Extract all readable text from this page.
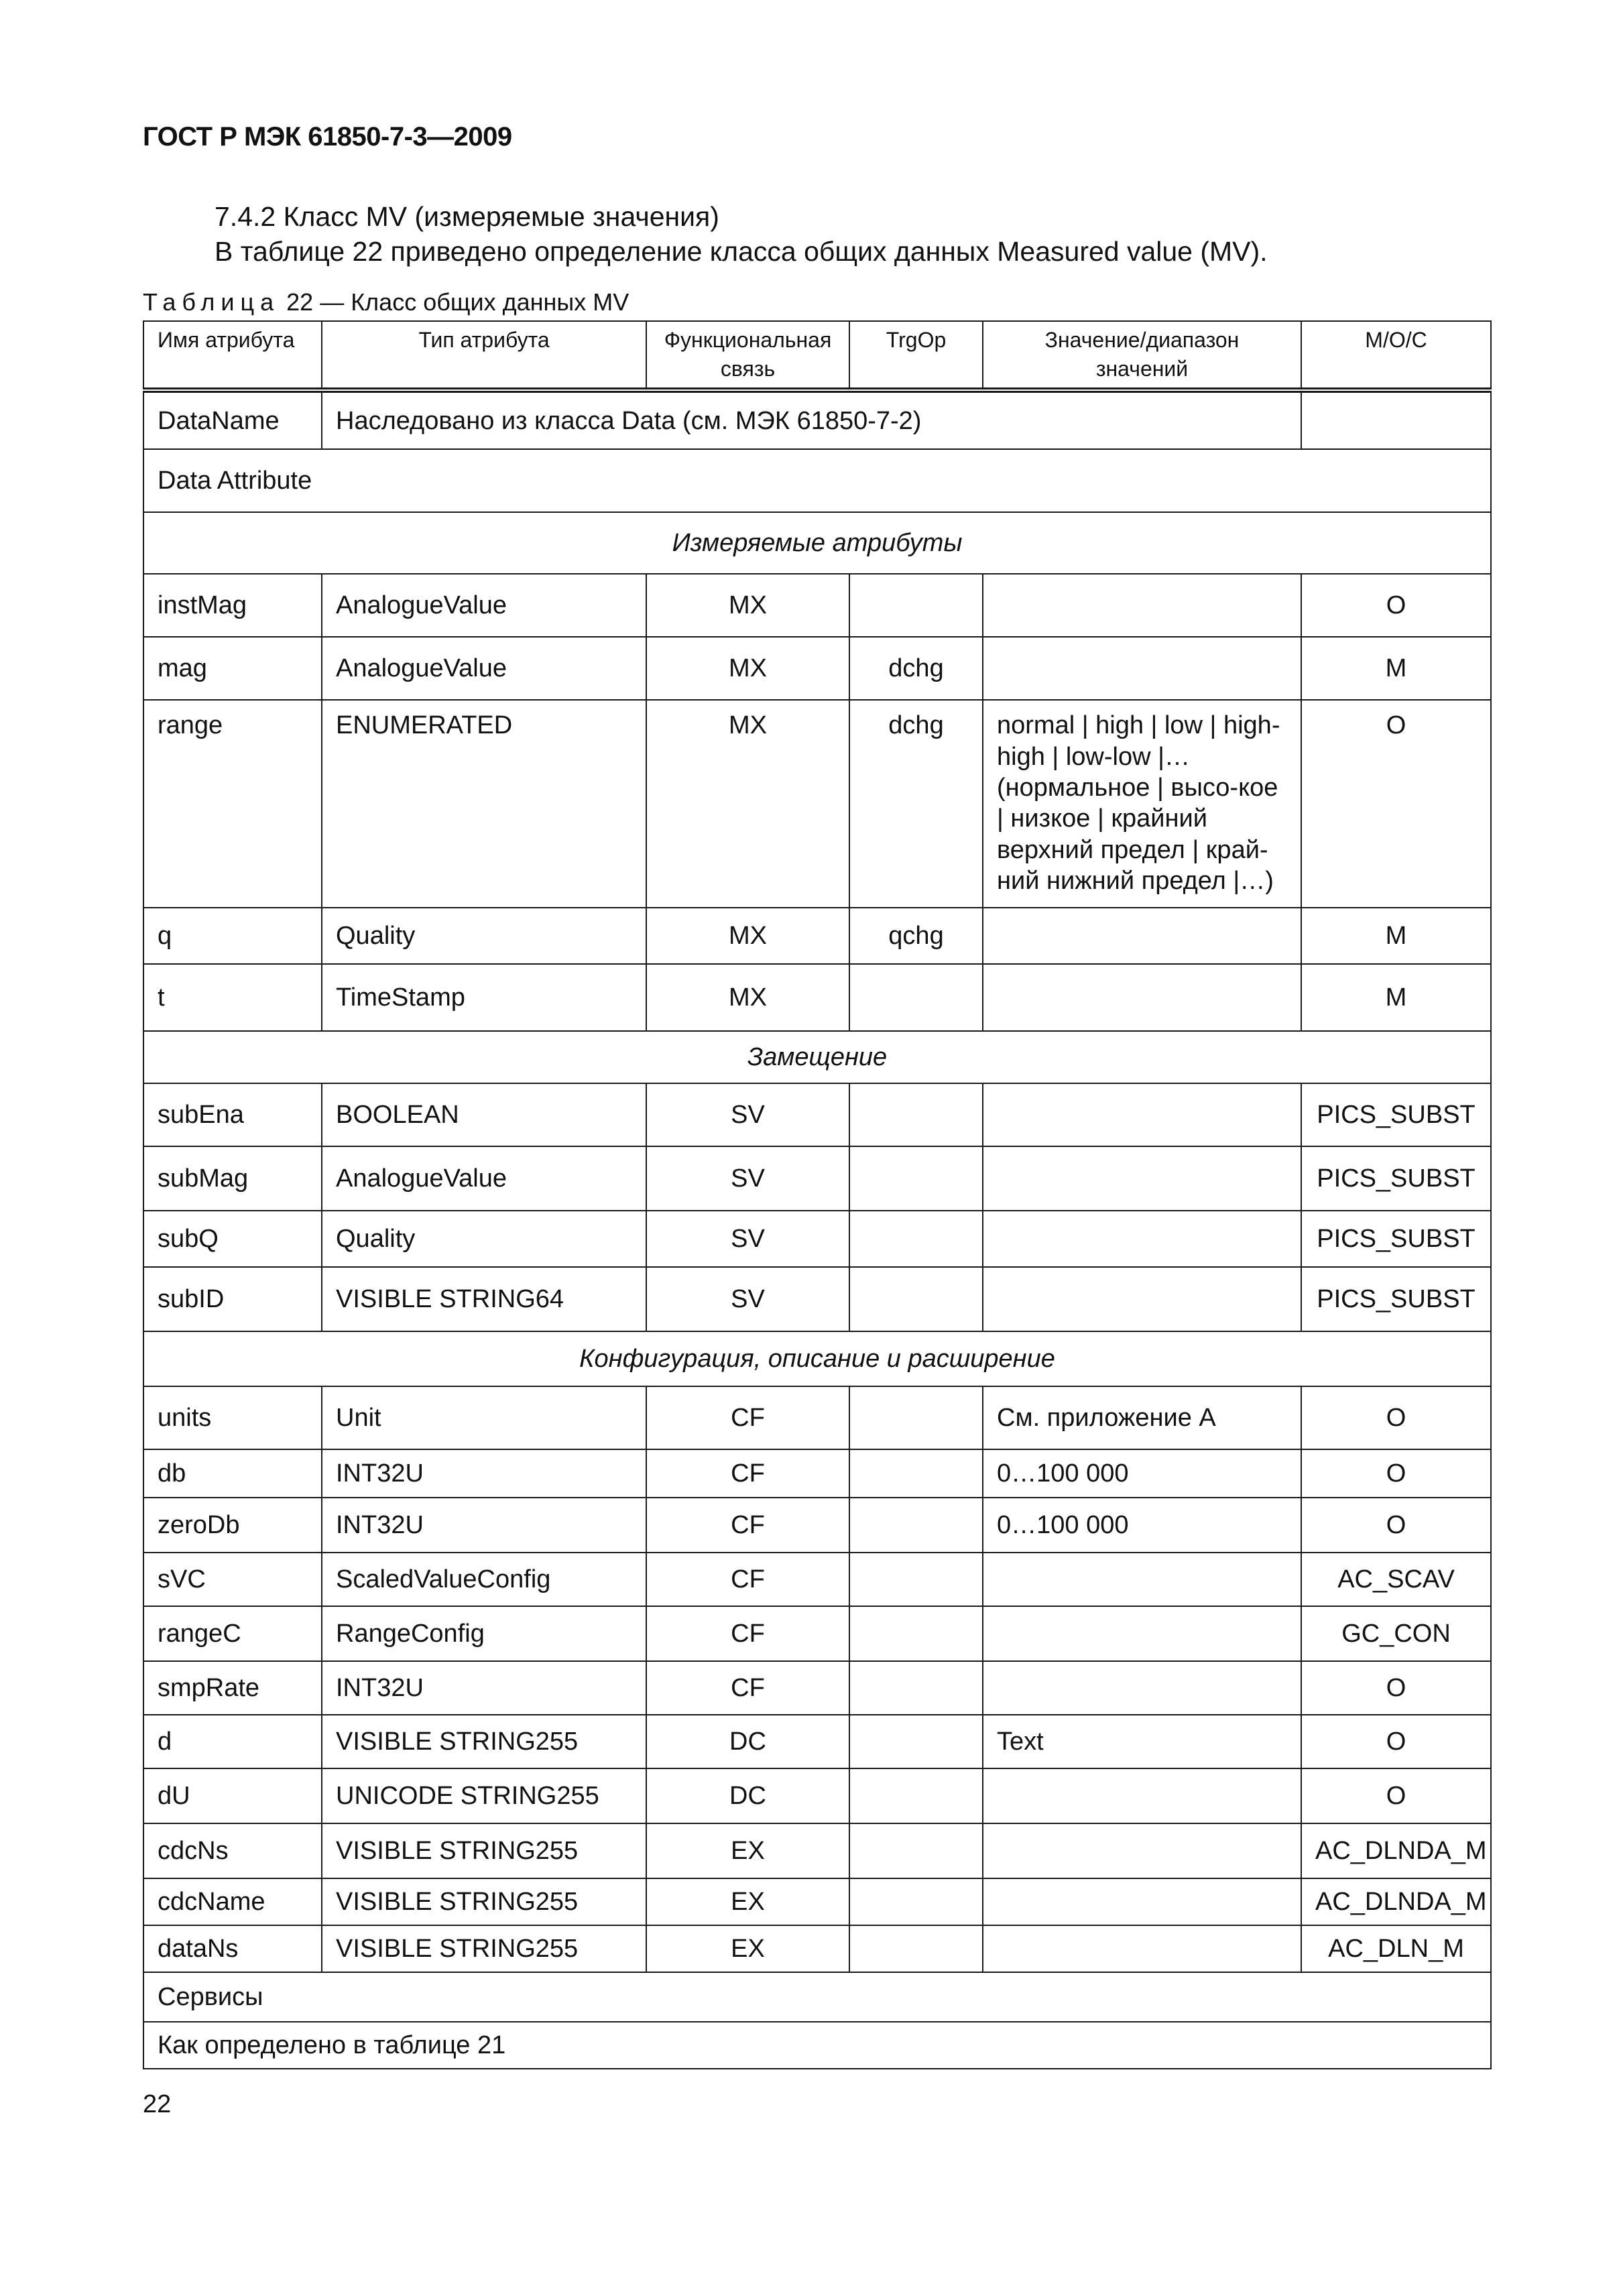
ГОСТ Р МЭК 61850-7-3—2009
7.4.2 Класс MV (измеряемые значения)
В таблице 22 приведено определение класса общих данных Measured value (MV).
Таблица 22 — Класс общих данных MV
Имя атрибута	Тип атрибута	Функциональная связь	TrgOp	Значение/диапазон значений	М/О/С
DataName	Наследовано из класса Data (см. МЭК 61850-7-2)				
Data Attribute					
Измеряемые атрибуты					
instMag	AnalogueValue	MX			O
mag	AnalogueValue	MX	dchg		M
range	ENUMERATED	MX	dchg	normal | high | low | high-high | low-low |… (нормальное | высо-кое | низкое | крайний верхний предел | край-ний нижний предел |…)	O
q	Quality	MX	qchg		M
t	TimeStamp	MX			M
Замещение					
subEna	BOOLEAN	SV			PICS_SUBST
subMag	AnalogueValue	SV			PICS_SUBST
subQ	Quality	SV			PICS_SUBST
subID	VISIBLE STRING64	SV			PICS_SUBST
Конфигурация, описание и расширение					
units	Unit	CF		См. приложение А	O
db	INT32U	CF		0…100 000	O
zeroDb	INT32U	CF		0…100 000	O
sVC	ScaledValueConfig	CF			AC_SCAV
rangeC	RangeConfig	CF			GC_CON
smpRate	INT32U	CF			O
d	VISIBLE STRING255	DC		Text	O
dU	UNICODE STRING255	DC			O
cdcNs	VISIBLE STRING255	EX			AC_DLNDA_M
cdcName	VISIBLE STRING255	EX			AC_DLNDA_M
dataNs	VISIBLE STRING255	EX			AC_DLN_M
Сервисы					
Как определено в таблице 21					
22
